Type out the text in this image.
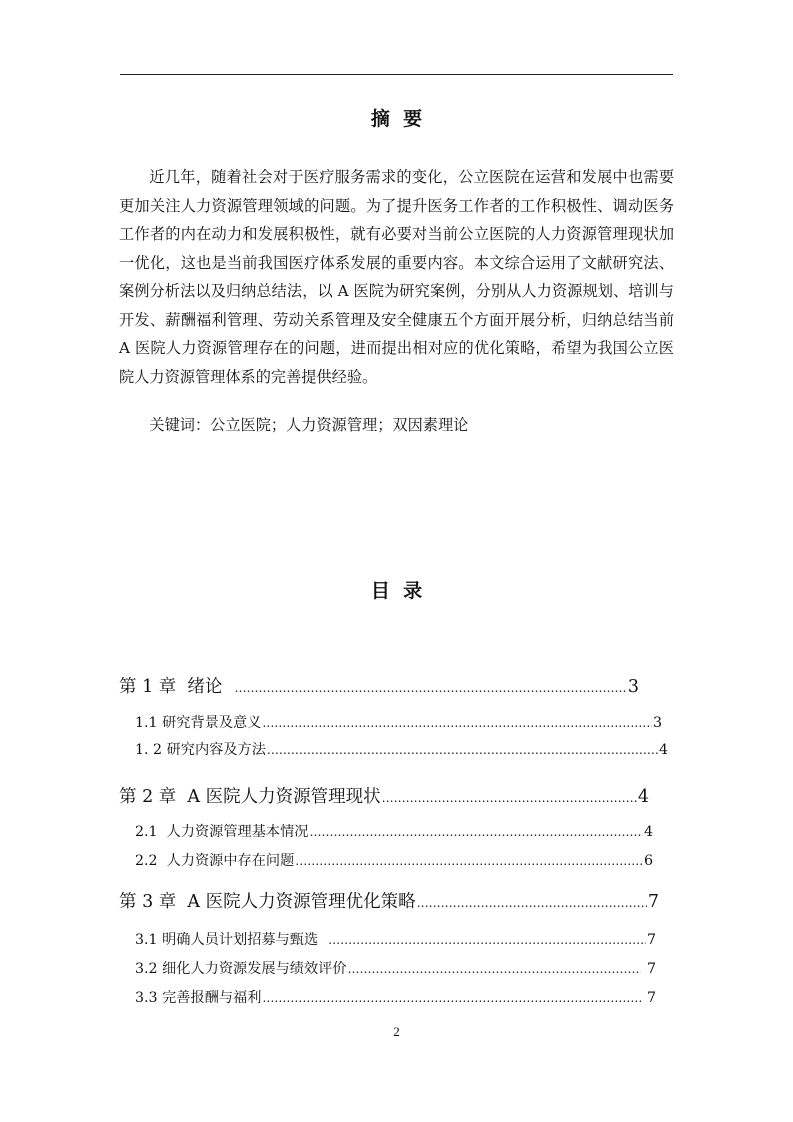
摘  要

近几年，随着社会对于医疗服务需求的变化，公立医院在运营和发展中也需要更加关注人力资源管理领域的问题。为了提升医务工作者的工作积极性、调动医务工作者的内在动力和发展积极性，就有必要对当前公立医院的人力资源管理现状加一优化，这也是当前我国医疗体系发展的重要内容。本文综合运用了文献研究法、案例分析法以及归纳总结法，以 A 医院为研究案例，分别从人力资源规划、培训与开发、薪酬福利管理、劳动关系管理及安全健康五个方面开展分析，归纳总结当前 A 医院人力资源管理存在的问题，进而提出相对应的优化策略，希望为我国公立医院人力资源管理体系的完善提供经验。

关键词：公立医院；人力资源管理；双因素理论

目  录
第 1 章  绪论 …………………………………………………………………………………………………………………	3
1.1 研究背景及意义 …………………………………………………………………………………………………………………	3
1. 2 研究内容及方法 …………………………………………………………………………………………………………………	4
第 2 章  A 医院人力资源管理现状 …………………………………………………………………………………………………………………	4
2.1  人力资源管理基本情况 …………………………………………………………………………………………………………………	4
2.2  人力资源中存在问题 …………………………………………………………………………………………………………………	6
第 3 章  A 医院人力资源管理优化策略 …………………………………………………………………………………………………………………	7
3.1 明确人员计划招募与甄选 …………………………………………………………………………………………………………………	7
3.2 细化人力资源发展与绩效评价 …………………………………………………………………………………………………………………	7
3.3 完善报酬与福利 …………………………………………………………………………………………………………………	7
2
